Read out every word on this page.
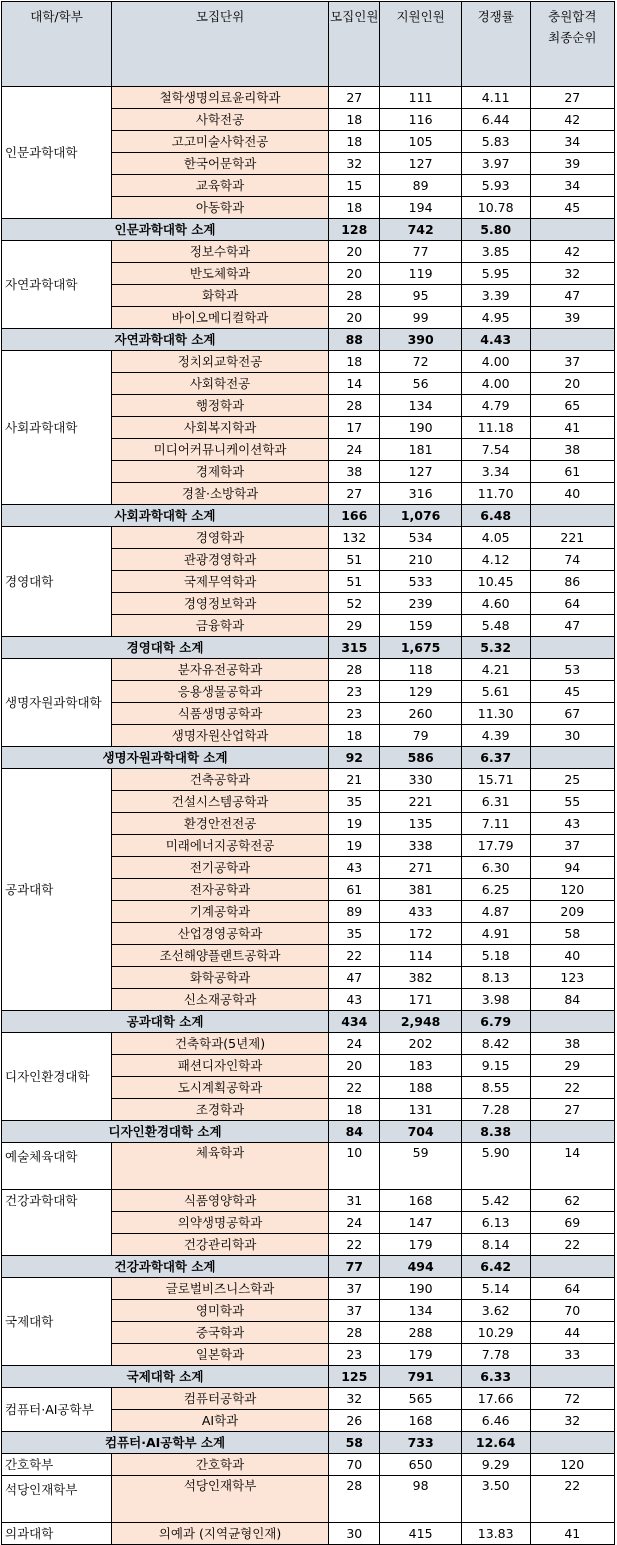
대학/학부	모집단위	모집인원	지원인원	경쟁률	충원합격
최종순위
인문과학대학	철학생명의료윤리학과	27	111	4.11	27
	사학전공	18	116	6.44	42
	고고미술사학전공	18	105	5.83	34
	한국어문학과	32	127	3.97	39
	교육학과	15	89	5.93	34
	아동학과	18	194	10.78	45
인문과학대학 소계		128	742	5.80	
자연과학대학	정보수학과	20	77	3.85	42
	반도체학과	20	119	5.95	32
	화학과	28	95	3.39	47
	바이오메디컬학과	20	99	4.95	39
자연과학대학 소계		88	390	4.43	
사회과학대학	정치외교학전공	18	72	4.00	37
	사회학전공	14	56	4.00	20
	행정학과	28	134	4.79	65
	사회복지학과	17	190	11.18	41
	미디어커뮤니케이션학과	24	181	7.54	38
	경제학과	38	127	3.34	61
	경찰·소방학과	27	316	11.70	40
사회과학대학 소계		166	1,076	6.48	
경영대학	경영학과	132	534	4.05	221
	관광경영학과	51	210	4.12	74
	국제무역학과	51	533	10.45	86
	경영정보학과	52	239	4.60	64
	금융학과	29	159	5.48	47
경영대학 소계		315	1,675	5.32	
생명자원과학대학	분자유전공학과	28	118	4.21	53
	응용생물공학과	23	129	5.61	45
	식품생명공학과	23	260	11.30	67
	생명자원산업학과	18	79	4.39	30
생명자원과학대학 소계		92	586	6.37	
공과대학	건축공학과	21	330	15.71	25
	건설시스템공학과	35	221	6.31	55
	환경안전전공	19	135	7.11	43
	미래에너지공학전공	19	338	17.79	37
	전기공학과	43	271	6.30	94
	전자공학과	61	381	6.25	120
	기계공학과	89	433	4.87	209
	산업경영공학과	35	172	4.91	58
	조선해양플랜트공학과	22	114	5.18	40
	화학공학과	47	382	8.13	123
	신소재공학과	43	171	3.98	84
공과대학 소계		434	2,948	6.79	
디자인환경대학	건축학과(5년제)	24	202	8.42	38
	패션디자인학과	20	183	9.15	29
	도시계획공학과	22	188	8.55	22
	조경학과	18	131	7.28	27
디자인환경대학 소계		84	704	8.38	
예술체육대학	체육학과	10	59	5.90	14
건강과학대학	식품영양학과	31	168	5.42	62
	의약생명공학과	24	147	6.13	69
	건강관리학과	22	179	8.14	22
건강과학대학 소계		77	494	6.42	
국제대학	글로벌비즈니스학과	37	190	5.14	64
	영미학과	37	134	3.62	70
	중국학과	28	288	10.29	44
	일본학과	23	179	7.78	33
국제대학 소계		125	791	6.33	
컴퓨터·AI공학부	컴퓨터공학과	32	565	17.66	72
	AI학과	26	168	6.46	32
컴퓨터·AI공학부 소계		58	733	12.64	
간호학부	간호학과	70	650	9.29	120
석당인재학부	석당인재학부	28	98	3.50	22
의과대학	의예과 (지역균형인재)	30	415	13.83	41
